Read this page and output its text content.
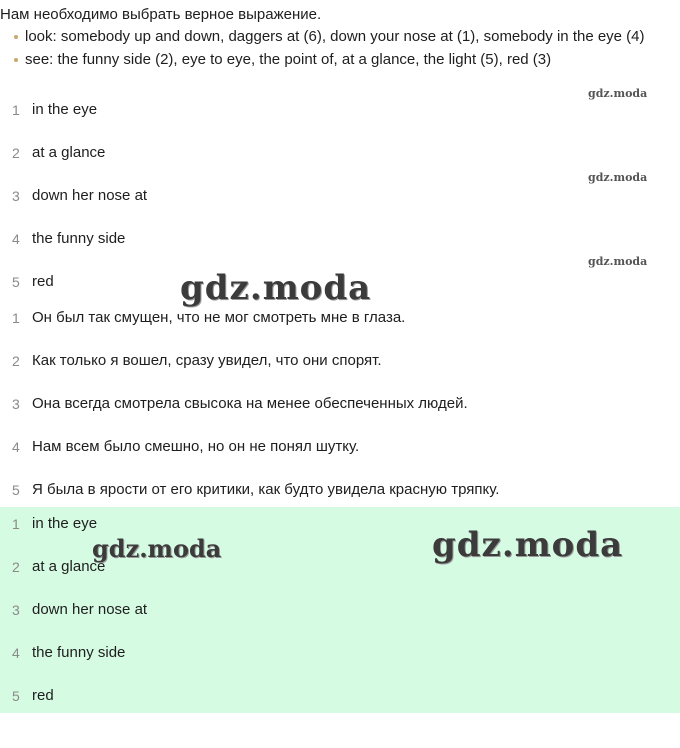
Нам необходимо выбрать верное выражение.
look: somebody up and down, daggers at (6), down your nose at (1), somebody in the eye (4)
see: the funny side (2), eye to eye, the point of, at a glance, the light (5), red (3)
1 in the eye
2 at a glance
3 down her nose at
4 the funny side
5 red
1 Он был так смущен, что не мог смотреть мне в глаза.
2 Как только я вошел, сразу увидел, что они спорят.
3 Она всегда смотрела свысока на менее обеспеченных людей.
4 Нам всем было смешно, но он не понял шутку.
5 Я была в ярости от его критики, как будто увидела красную тряпку.
1 in the eye
2 at a glance
3 down her nose at
4 the funny side
5 red
gdz.moda
gdz.moda
gdz.moda
gdz.moda
gdz.moda	gdz.moda
